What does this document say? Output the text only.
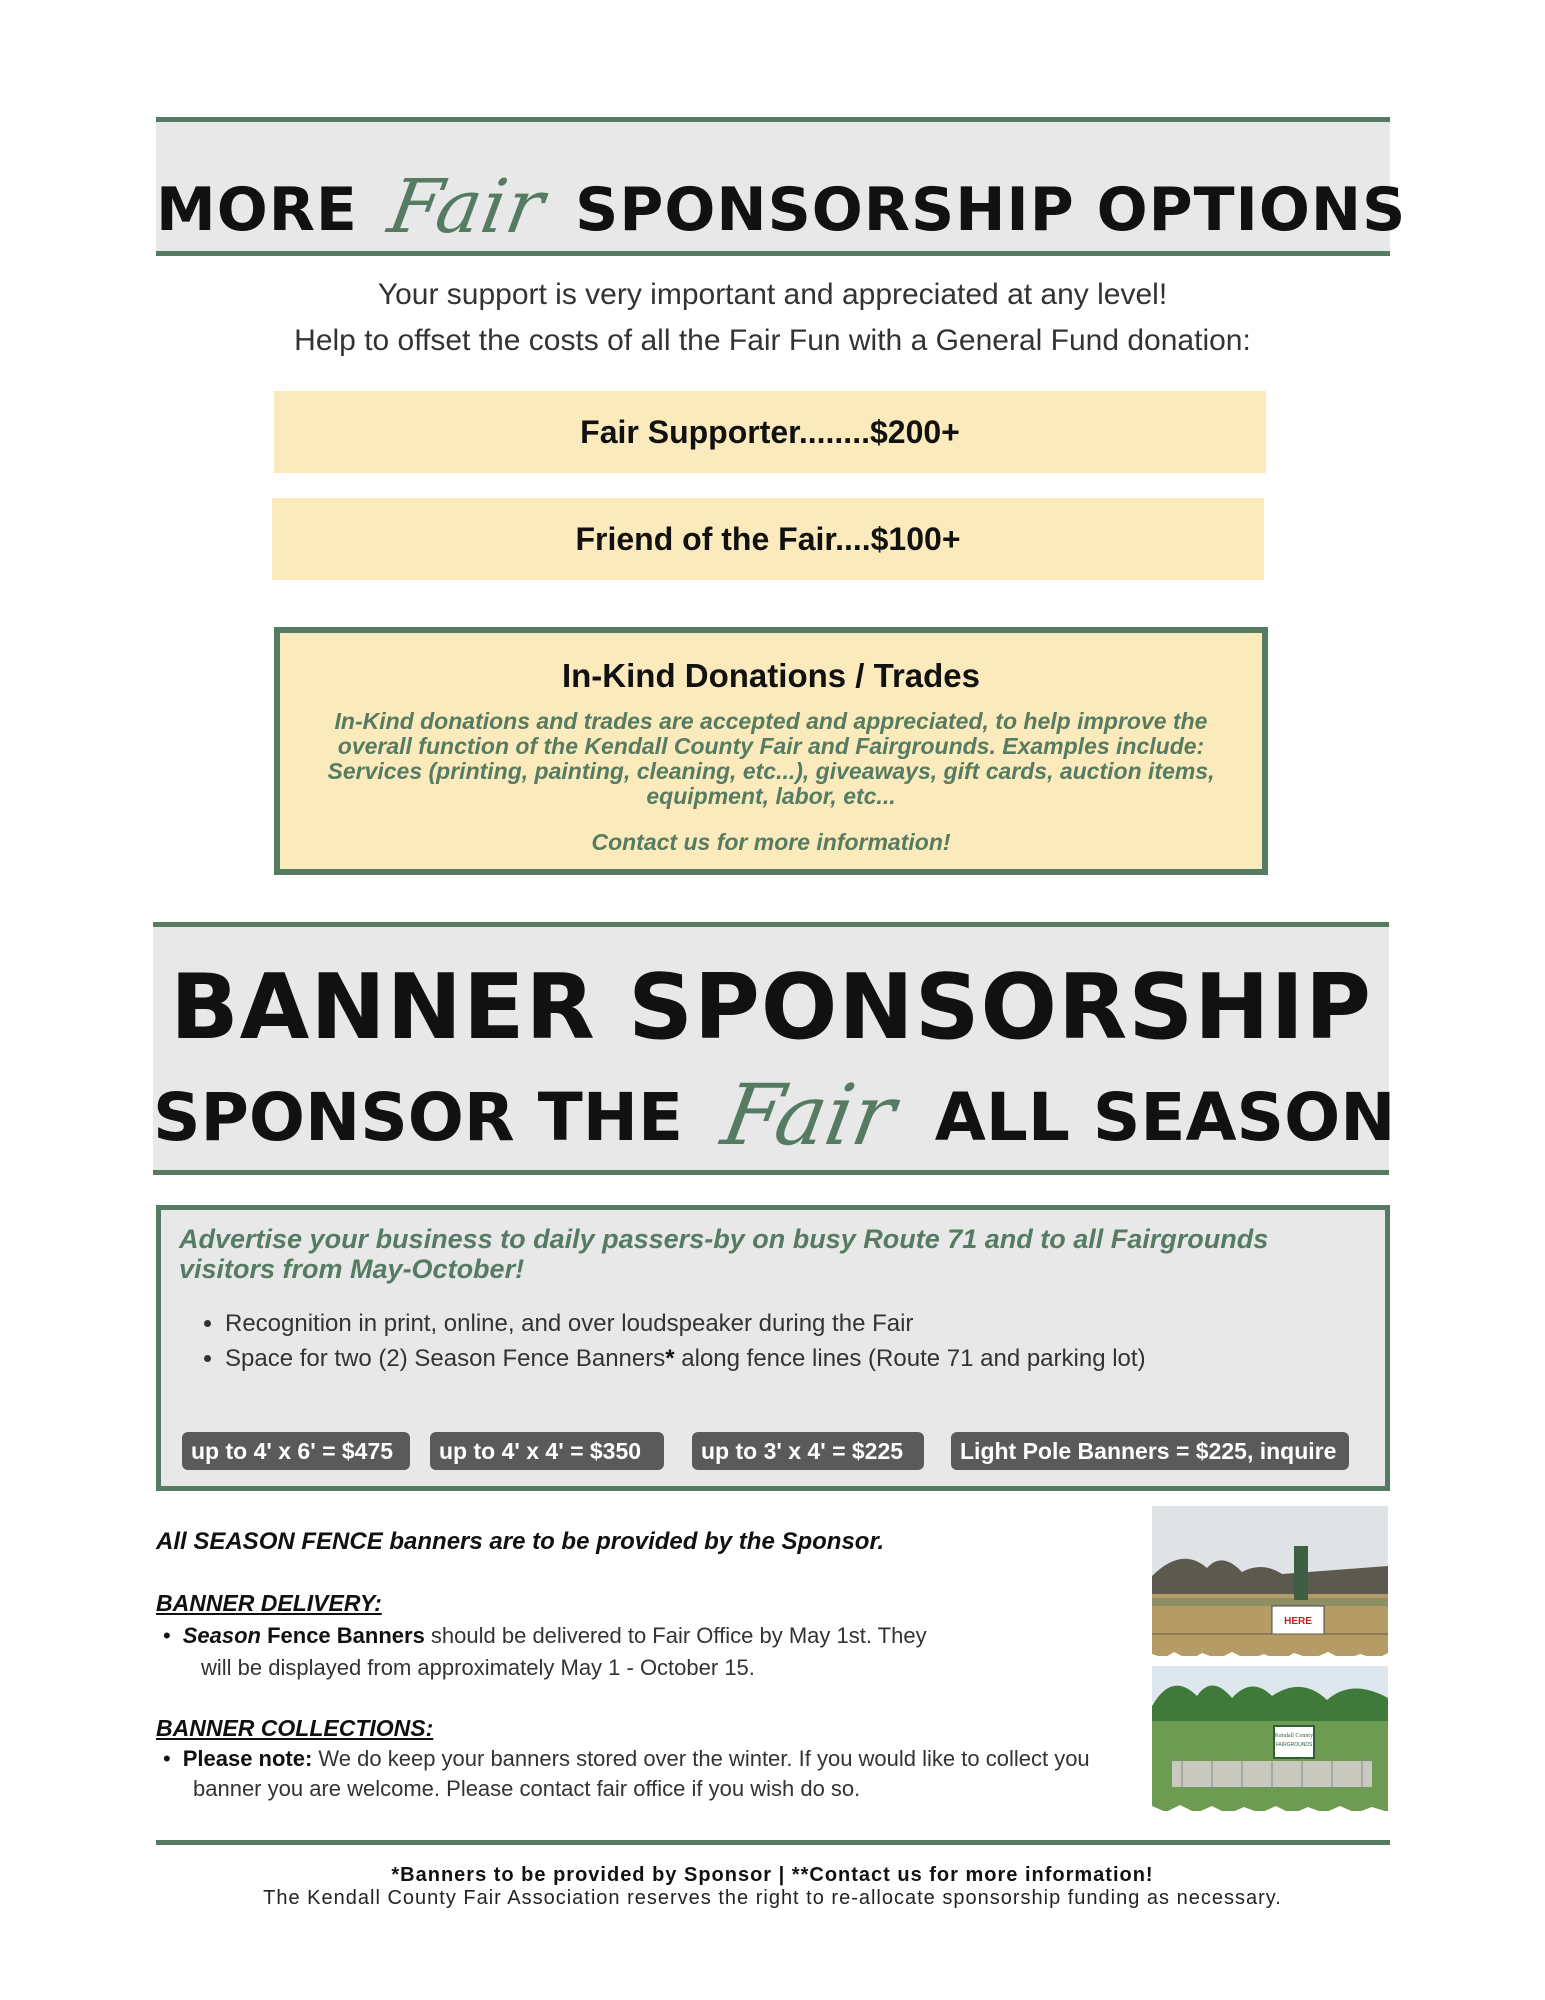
MORE Fair SPONSORSHIP OPTIONS
Your support is very important and appreciated at any level!
Help to offset the costs of all the Fair Fun with a General Fund donation:
Fair Supporter........$200+
Friend of the Fair....$100+
In-Kind Donations / Trades
In-Kind donations and trades are accepted and appreciated, to help improve the overall function of the Kendall County Fair and Fairgrounds. Examples include: Services (printing, painting, cleaning, etc...), giveaways, gift cards, auction items, equipment, labor, etc...
Contact us for more information!
BANNER SPONSORSHIP
SPONSOR THE Fair ALL SEASON
Advertise your business to daily passers-by on busy Route 71 and to all Fairgrounds visitors from May-October!
• Recognition in print, online, and over loudspeaker during the Fair
• Space for two (2) Season Fence Banners* along fence lines (Route 71 and parking lot)
up to 4' x 6' = $475	up to 4' x 4' = $350	up to 3' x 4' = $225	Light Pole Banners = $225, inquire
All SEASON FENCE banners are to be provided by the Sponsor.
BANNER DELIVERY:
• Season Fence Banners should be delivered to Fair Office by May 1st. They
will be displayed from approximately May 1 - October 15.
BANNER COLLECTIONS:
• Please note: We do keep your banners stored over the winter. If you would like to collect you
banner you are welcome. Please contact fair office if you wish do so.
HERE
Kendall County
FAIRGROUNDS
*Banners to be provided by Sponsor | **Contact us for more information!
The Kendall County Fair Association reserves the right to re-allocate sponsorship funding as necessary.
